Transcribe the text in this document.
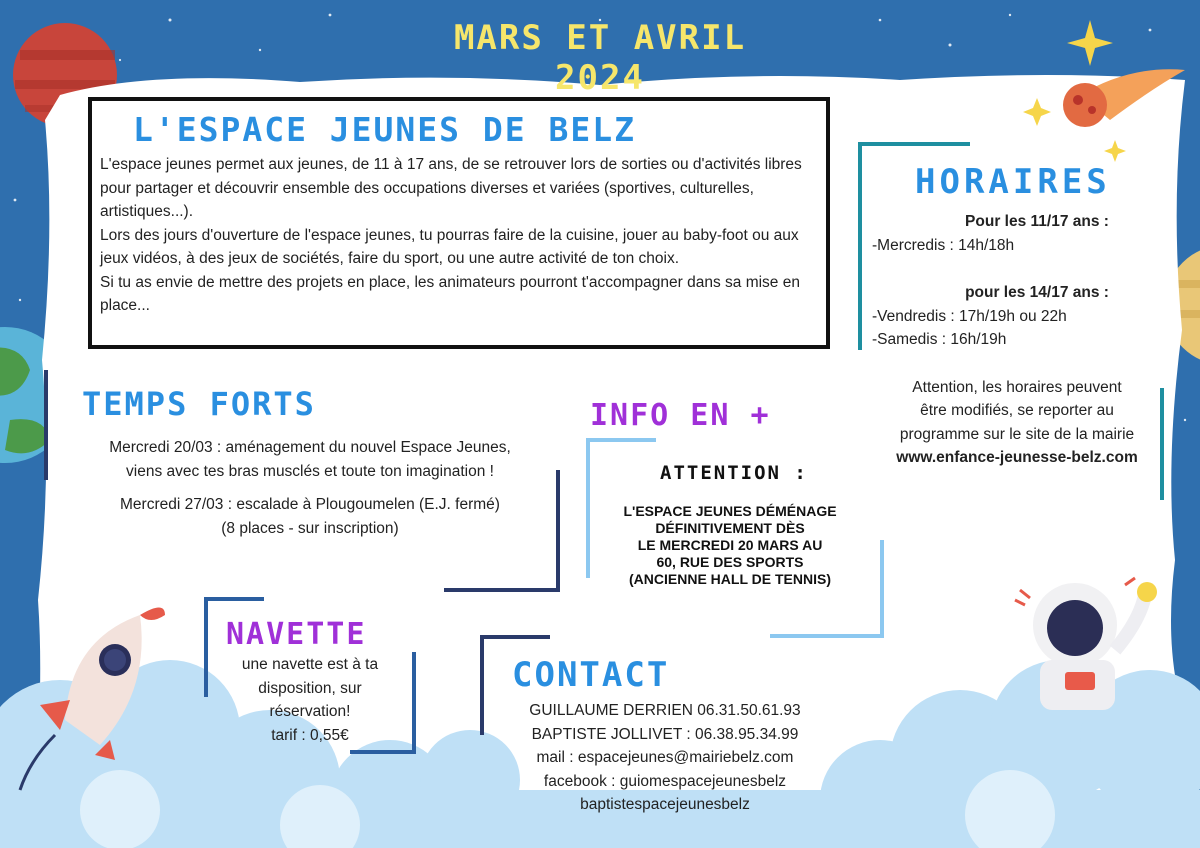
MARS ET AVRIL 2024
L'ESPACE JEUNES DE BELZ
L'espace jeunes permet aux jeunes, de 11 à 17 ans, de se retrouver lors de sorties ou d'activités libres pour partager et découvrir ensemble des occupations diverses et variées (sportives, culturelles, artistiques...).
Lors des jours d'ouverture de l'espace jeunes, tu pourras faire de la cuisine, jouer au baby-foot ou aux jeux vidéos, à des jeux de sociétés, faire du sport, ou une autre activité de ton choix.
Si tu as envie de mettre des projets en place, les animateurs pourront t'accompagner dans sa mise en place...
HORAIRES
Pour les 11/17 ans :
-Mercredis : 14h/18h
pour les 14/17 ans :
-Vendredis : 17h/19h ou 22h
-Samedis : 16h/19h
Attention, les horaires peuvent
être modifiés, se reporter au
programme sur le site de la mairie
www.enfance-jeunesse-belz.com
TEMPS FORTS
Mercredi 20/03 : aménagement du nouvel Espace Jeunes,
viens avec tes bras musclés et toute ton imagination !
Mercredi 27/03 : escalade à Plougoumelen (E.J. fermé)
(8 places - sur inscription)
INFO EN +
ATTENTION :
L'ESPACE JEUNES DÉMÉNAGE
DÉFINITIVEMENT DÈS
LE MERCREDI 20 MARS AU
60, RUE DES SPORTS
(ANCIENNE HALL DE TENNIS)
NAVETTE
une navette est à ta
disposition, sur
réservation!
tarif : 0,55€
CONTACT
GUILLAUME DERRIEN 06.31.50.61.93
BAPTISTE JOLLIVET : 06.38.95.34.99
mail : espacejeunes@mairiebelz.com
facebook : guiomespacejeunesbelz
baptistespacejeunesbelz
